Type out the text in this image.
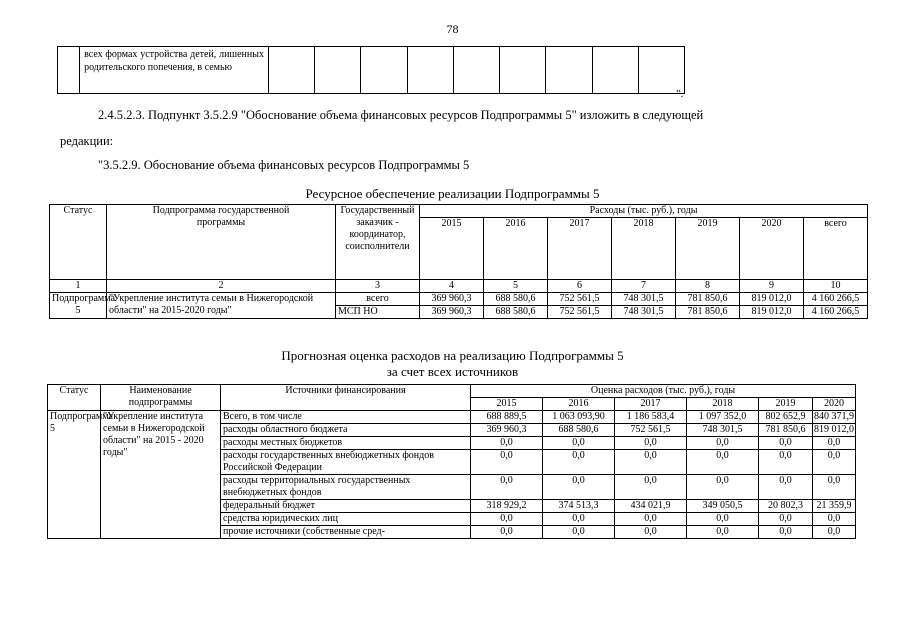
78
	всех формах устройства детей, лишенных родительского попечения, в семью									
".
2.4.5.2.3. Подпункт 3.5.2.9 "Обоснование объема финансовых ресурсов Подпрограммы 5" изложить в следующей
редакции:
"3.5.2.9. Обоснование объема финансовых ресурсов Подпрограммы 5
Ресурсное обеспечение реализации Подпрограммы 5
Статус	Подпрограмма государственной программы	Государственный заказчик - координатор, соисполнители	Расходы (тыс. руб.), годы						
			2015	2016	2017	2018	2019	2020	всего
1	2	3	4	5	6	7	8	9	10
Подпрограмма 5	"Укрепление института семьи в Нижегородской области" на 2015-2020 годы"	всего	369 960,3	688 580,6	752 561,5	748 301,5	781 850,6	819 012,0	4 160 266,5
		МСП НО	369 960,3	688 580,6	752 561,5	748 301,5	781 850,6	819 012,0	4 160 266,5
Прогнозная оценка расходов на реализацию Подпрограммы 5
за счет всех источников
Статус	Наименование подпрограммы	Источники финансирования	Оценка расходов (тыс. руб.), годы					
			2015	2016	2017	2018	2019	2020
Подпрограмма 5	"Укрепление института семьи в Нижегородской области" на 2015 - 2020 годы"	Всего, в том числе	688 889,5	1 063 093,90	1 186 583,4	1 097 352,0	802 652,9	840 371,9
		расходы областного бюджета	369 960,3	688 580,6	752 561,5	748 301,5	781 850,6	819 012,0
		расходы местных бюджетов	0,0	0,0	0,0	0,0	0,0	0,0
		расходы государственных внебюджетных фондов Российской Федерации	0,0	0,0	0,0	0,0	0,0	0,0
		расходы территориальных государственных внебюджетных фондов	0,0	0,0	0,0	0,0	0,0	0,0
		федеральный бюджет	318 929,2	374 513,3	434 021,9	349 050,5	20 802,3	21 359,9
		средства юридических лиц	0,0	0,0	0,0	0,0	0,0	0,0
		прочие источники (собственные сред-	0,0	0,0	0,0	0,0	0,0	0,0
